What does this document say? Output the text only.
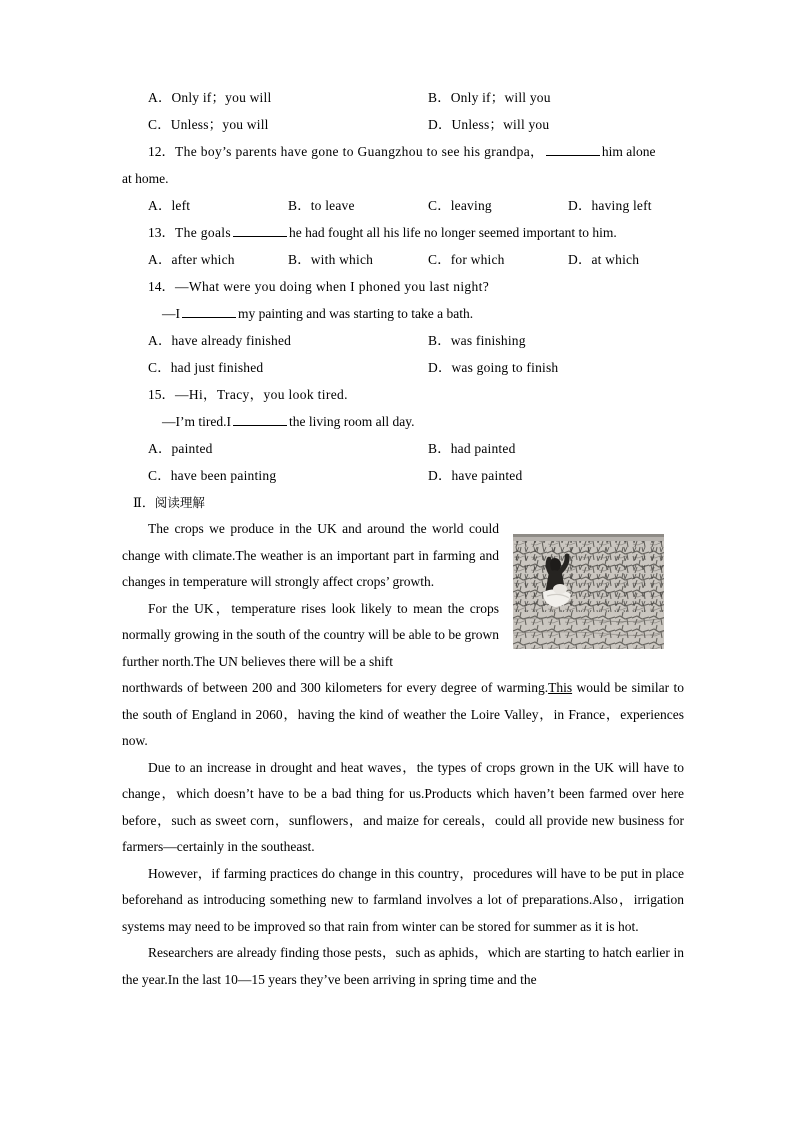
A．Only if；you will	B．Only if；will you
C．Unless；you will	D．Unless；will you

12．The boy’s parents have gone to Guangzhou to see his grandpa，	him alone

at home.

A．left	B．to leave	C．leaving	D．having left

13．The goals	he had fought all his life no longer seemed important to him.

A．after which	B．with which	C．for which	D．at which

14．—What were you doing when I phoned you last night?

—I	my painting and was starting to take a bath.

A．have already finished	B．was finishing
C．had just finished	D．was going to finish

15．—Hi，Tracy，you look tired.

—I’m tired.I	the living room all day.

A．painted	B．had painted
C．have been painting	D．have painted

Ⅱ．阅读理解

The crops we produce in the UK and around the world could change with climate.The weather is an important part in farming and changes in temperature will strongly affect crops’ growth.

For the UK，temperature rises look likely to mean the crops normally growing in the south of the country will be able to be grown further north.The UN believes there will be a shift

northwards of between 200 and 300 kilometers for every degree of warming.This would be similar to the south of England in 2060，having the kind of weather the Loire Valley，in France，experiences now.

Due to an increase in drought and heat waves，the types of crops grown in the UK will have to change，which doesn’t have to be a bad thing for us.Products which haven’t been farmed over here before，such as sweet corn，sunflowers，and maize for cereals，could all provide new business for farmers—certainly in the southeast.

However，if farming practices do change in this country，procedures will have to be put in place beforehand as introducing something new to farmland involves a lot of preparations.Also，irrigation systems may need to be improved so that rain from winter can be stored for summer as it is hot.

Researchers are already finding those pests，such as aphids，which are starting to hatch earlier in the year.In the last 10—15 years they’ve been arriving in spring time and the
